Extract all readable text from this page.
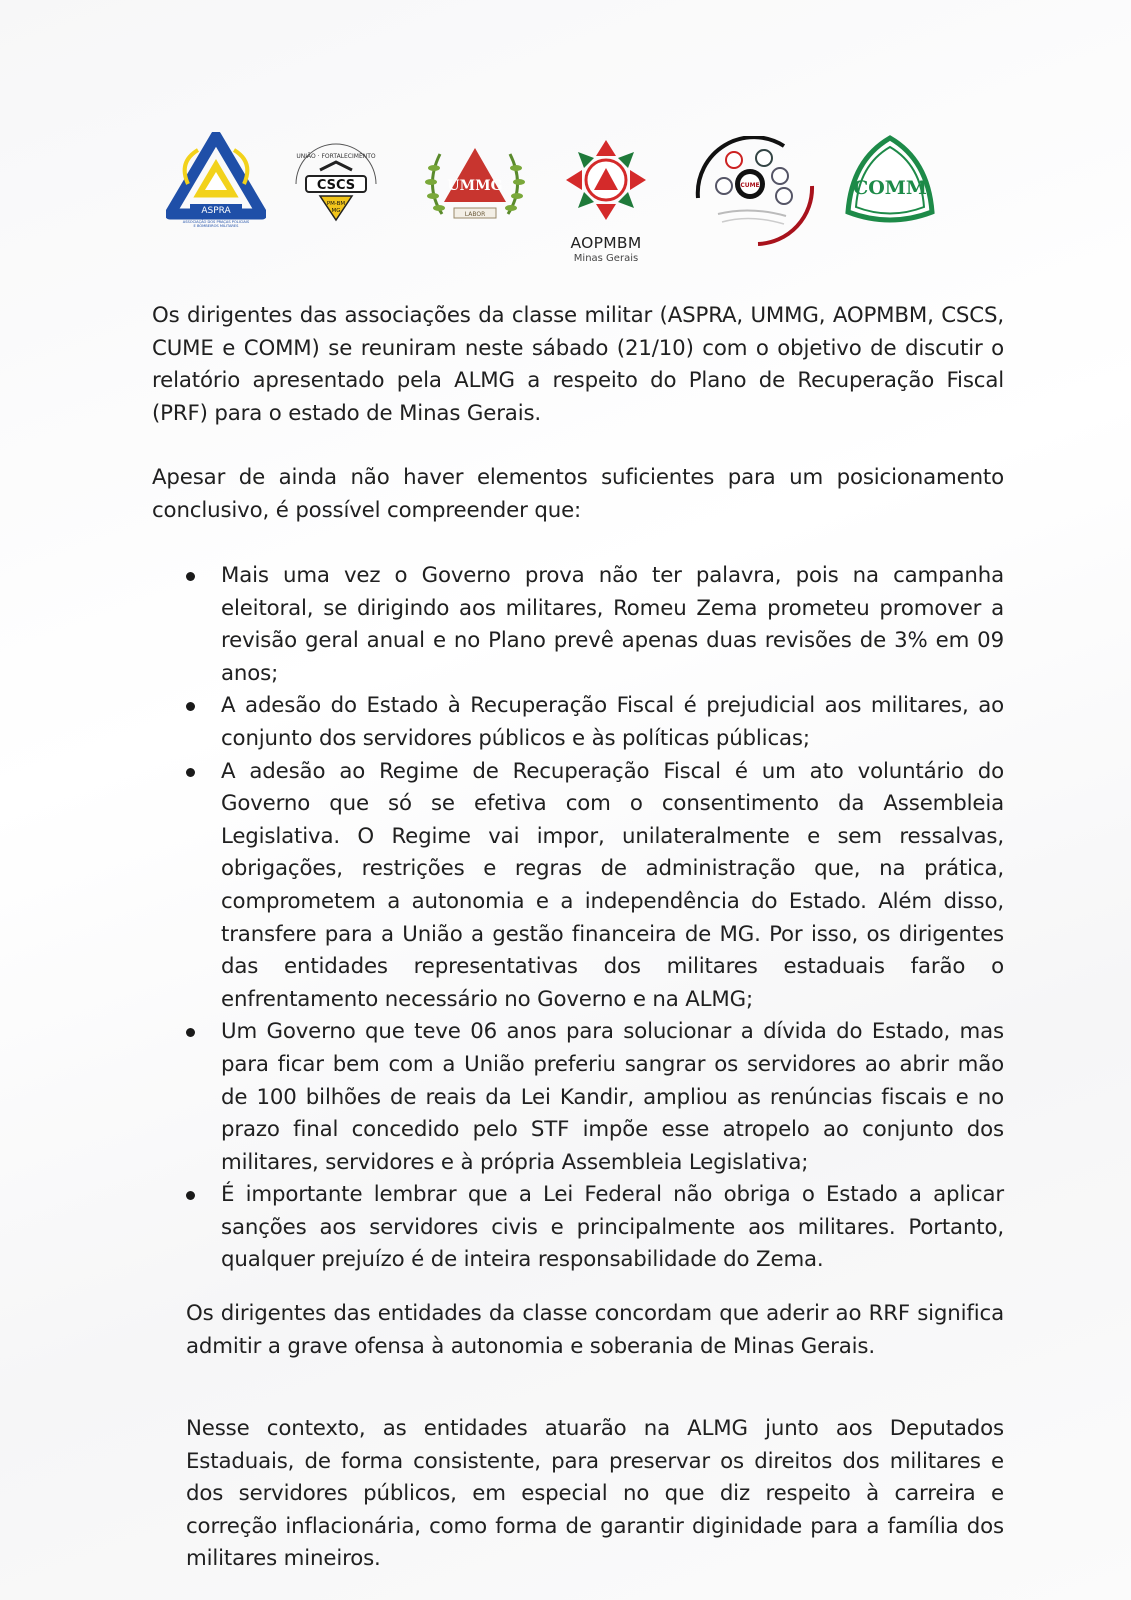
ASPRA
ASSOCIAÇÃO DOS PRAÇAS POLICIAIS
E BOMBEIROS MILITARES
UNIÃO · FORTALECIMENTO
CSCS
PM-BM
MG
UMMG
LABOR
AOPMBM
Minas Gerais
CUME	COMM

Os dirigentes das associações da classe militar (ASPRA, UMMG, AOPMBM, CSCS, CUME e COMM) se reuniram neste sábado (21/10) com o objetivo de discutir o relatório apresentado pela ALMG a respeito do Plano de Recuperação Fiscal (PRF) para o estado de Minas Gerais.

Apesar de ainda não haver elementos suficientes para um posicionamento conclusivo, é possível compreender que:

Mais uma vez o Governo prova não ter palavra, pois na campanha eleitoral, se dirigindo aos militares, Romeu Zema prometeu promover a revisão geral anual e no Plano prevê apenas duas revisões de 3% em 09 anos;
A adesão do Estado à Recuperação Fiscal é prejudicial aos militares, ao conjunto dos servidores públicos e às políticas públicas;
A adesão ao Regime de Recuperação Fiscal é um ato voluntário do Governo que só se efetiva com o consentimento da Assembleia Legislativa. O Regime vai impor, unilateralmente e sem ressalvas, obrigações, restrições e regras de administração que, na prática, comprometem a autonomia e a independência do Estado. Além disso, transfere para a União a gestão financeira de MG. Por isso, os dirigentes das entidades representativas dos militares estaduais farão o enfrentamento necessário no Governo e na ALMG;
Um Governo que teve 06 anos para solucionar a dívida do Estado, mas para ficar bem com a União preferiu sangrar os servidores ao abrir mão de 100 bilhões de reais da Lei Kandir, ampliou as renúncias fiscais e no prazo final concedido pelo STF impõe esse atropelo ao conjunto dos militares, servidores e à própria Assembleia Legislativa;
É importante lembrar que a Lei Federal não obriga o Estado a aplicar sanções aos servidores civis e principalmente aos militares. Portanto, qualquer prejuízo é de inteira responsabilidade do Zema.

Os dirigentes das entidades da classe concordam que aderir ao RRF significa admitir a grave ofensa à autonomia e soberania de Minas Gerais.

Nesse contexto, as entidades atuarão na ALMG junto aos Deputados Estaduais, de forma consistente, para preservar os direitos dos militares e dos servidores públicos, em especial no que diz respeito à carreira e correção inflacionária, como forma de garantir diginidade para a família dos militares mineiros.
